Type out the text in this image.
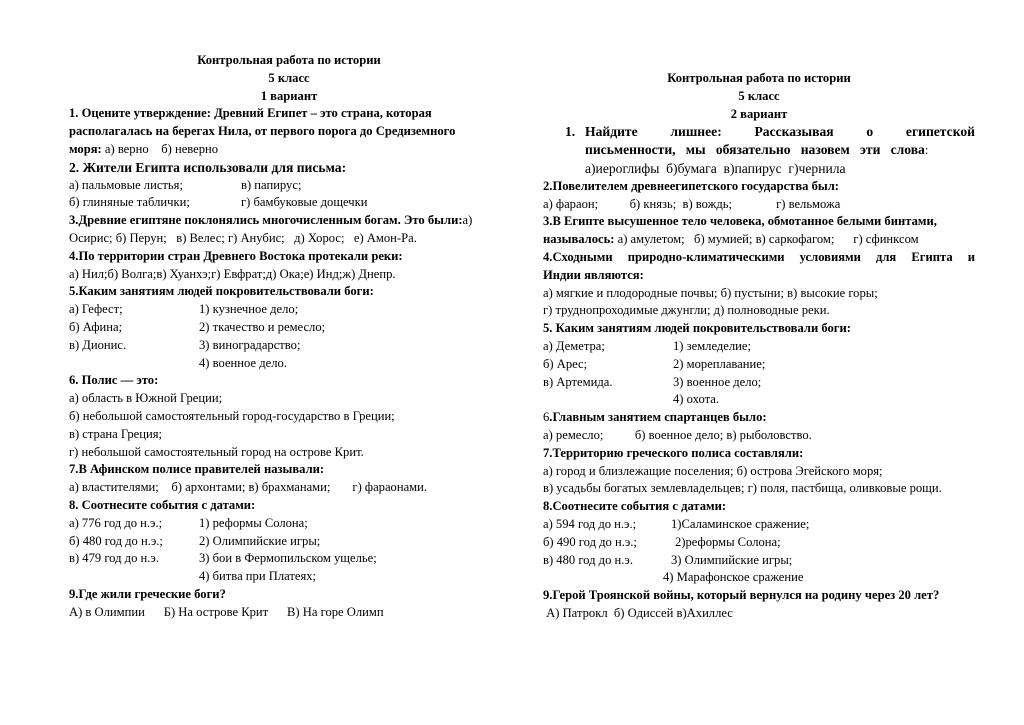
Контрольная работа по истории
5 класс
1 вариант
1. Оцените утверждение: Древний Египет – это страна, которая
располагалась на берегах Нила, от первого порога до Средиземного
моря: а) верно    б) неверно
2. Жители Египта использовали для письма:
а) пальмовые листья;	в) папирус;

б) глиняные таблички;	г) бамбуковые дощечки

3.Древние египтяне поклонялись многочисленным богам. Это были:а)
Осирис; б) Перун;   в) Велес; г) Анубис;   д) Хорос;   е) Амон-Ра.
4.По территории стран Древнего Востока протекали реки:
а) Нил;б) Волга;в) Хуанхэ;г) Евфрат;д) Ока;е) Инд;ж) Днепр.
5.Каким занятиям людей покровительствовали боги:
а) Гефест;	1) кузнечное дело;

б) Афина;	2) ткачество и ремесло;

в) Дионис.	3) виноградарство;

4) военное дело.

6. Полис — это:
а) область в Южной Греции;
б) небольшой самостоятельный город-государство в Греции;
в) страна Греция;
г) небольшой самостоятельный город на острове Крит.
7.В Афинском полисе правителей называли:
а) властителями;    б) архонтами; в) брахманами;       г) фараонами.
8. Соотнесите события с датами:
а) 776 год до н.э.;	1) реформы Солона;

б) 480 год до н.э.;	2) Олимпийские игры;

в) 479 год до н.э.	3) бои в Фермопильском ущелье;

4) битва при Платеях;

9.Где жили греческие боги?
А) в Олимпии      Б) На острове Крит      В) На горе Олимп
Контрольная работа по истории
5 класс
2 вариант
1. Найдите лишнее: Рассказывая о египетской
письменности,   мы   обязательно   назовем   эти   слова:
а)иероглифы  б)бумага  в)папирус  г)чернила
2.Повелителем древнеегипетского государства был:
а) фараон;          б) князь;  в) вождь;              г) вельможа
3.В Египте высушенное тело человека, обмотанное белыми бинтами,
называлось: а) амулетом;   б) мумией; в) саркофагом;      г) сфинксом
4.Сходными природно-климатическими условиями для Египта и
Индии являются:
а) мягкие и плодородные почвы; б) пустыни; в) высокие горы;
г) труднопроходимые джунгли; д) полноводные реки.
5. Каким занятиям людей покровительствовали боги:
а) Деметра;	1) земледелие;

б) Арес;	2) мореплавание;

в) Артемида.	3) военное дело;

4) охота.

6.Главным занятием спартанцев было:
а) ремесло;          б) военное дело; в) рыболовство.
7.Территорию греческого полиса составляли:
а) город и близлежащие поселения; б) острова Эгейского моря;
в) усадьбы богатых землевладельцев; г) поля, пастбища, оливковые рощи.
8.Соотнесите события с датами:
а) 594 год до н.э.;	1)Саламинское сражение;

б) 490 год до н.э.;	2)реформы Солона;

в) 480 год до н.э.	3) Олимпийские игры;

4) Марафонское сражение

9.Герой Троянской войны, который вернулся на родину через 20 лет?
А) Патрокл  б) Одиссей в)Ахиллес
